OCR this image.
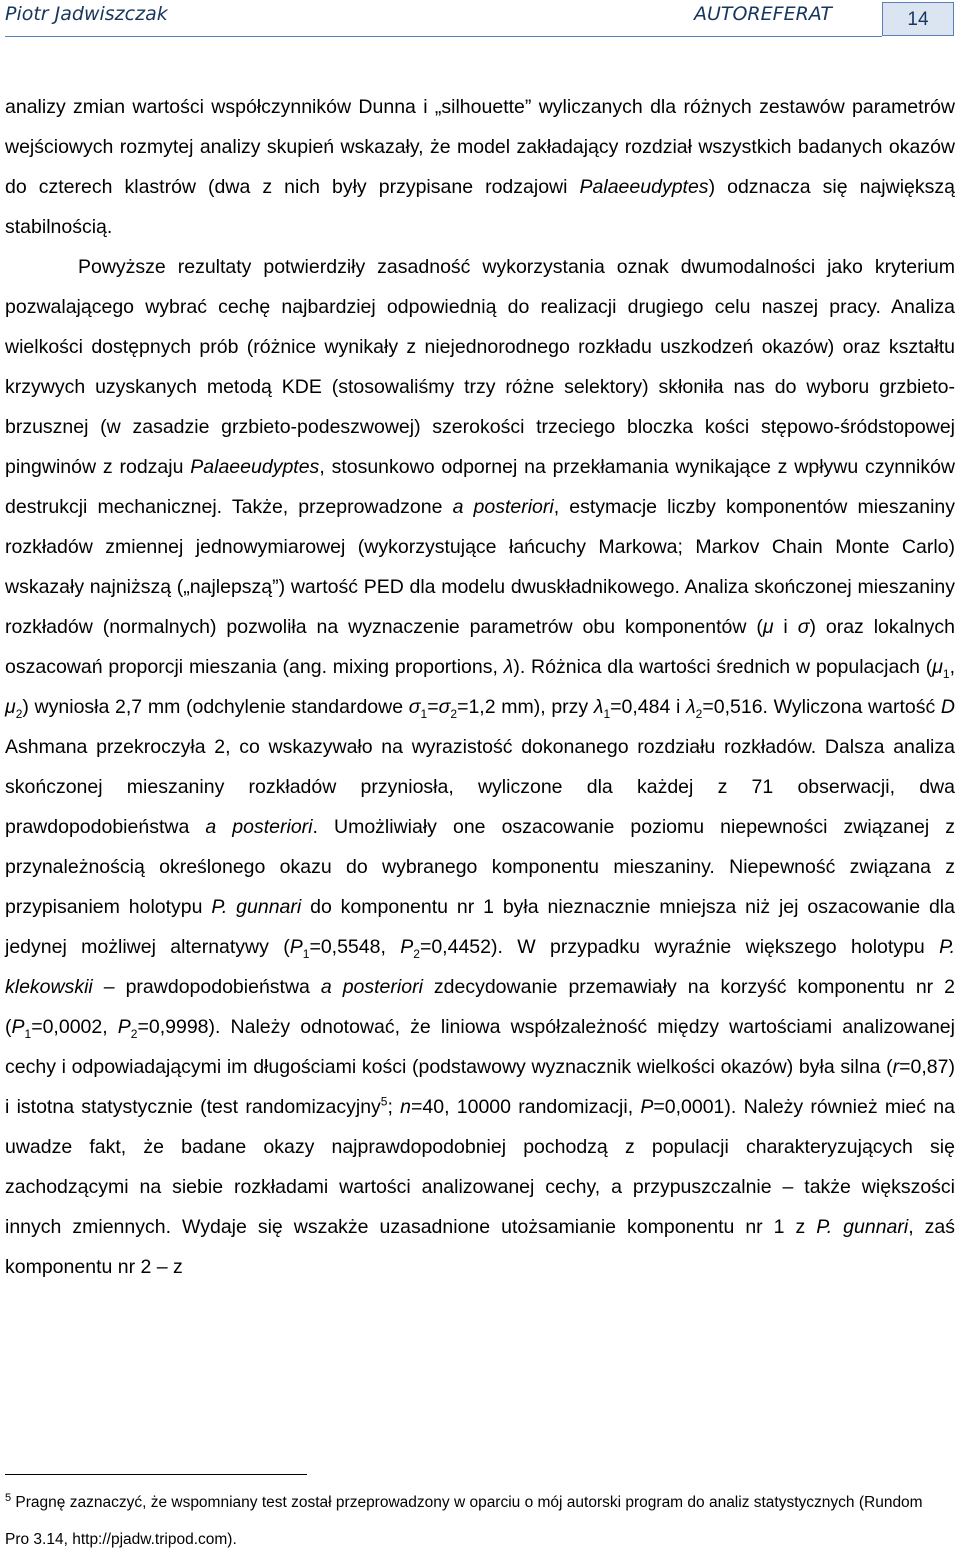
Piotr Jadwiszczak	AUTOREFERAT	14

analizy zmian wartości współczynników Dunna i „silhouette” wyliczanych dla różnych zestawów parametrów wejściowych rozmytej analizy skupień wskazały, że model zakładający rozdział wszystkich badanych okazów do czterech klastrów (dwa z nich były przypisane rodzajowi Palaeeudyptes) odznacza się największą stabilnością.

Powyższe rezultaty potwierdziły zasadność wykorzystania oznak dwumodalności jako kryterium pozwalającego wybrać cechę najbardziej odpowiednią do realizacji drugiego celu naszej pracy. Analiza wielkości dostępnych prób (różnice wynikały z niejednorodnego rozkładu uszkodzeń okazów) oraz kształtu krzywych uzyskanych metodą KDE (stosowaliśmy trzy różne selektory) skłoniła nas do wyboru grzbieto-brzusznej (w zasadzie grzbieto-podeszwowej) szerokości trzeciego bloczka kości stępowo-śródstopowej pingwinów z rodzaju Palaeeudyptes, stosunkowo odpornej na przekłamania wynikające z wpływu czynników destrukcji mechanicznej. Także, przeprowadzone a posteriori, estymacje liczby komponentów mieszaniny rozkładów zmiennej jednowymiarowej (wykorzystujące łańcuchy Markowa; Markov Chain Monte Carlo) wskazały najniższą („najlepszą”) wartość PED dla modelu dwuskładnikowego. Analiza skończonej mieszaniny rozkładów (normalnych) pozwoliła na wyznaczenie parametrów obu komponentów (μ i σ) oraz lokalnych oszacowań proporcji mieszania (ang. mixing proportions, λ). Różnica dla wartości średnich w populacjach ($\mu_1$, $\mu_2$) wyniosła 2,7 mm (odchylenie standardowe $\sigma_1=\sigma_2=1,2$ mm), przy $\lambda_1=0,484$ i $\lambda_2=0,516$. Wyliczona wartość D Ashmana przekroczyła 2, co wskazywało na wyrazistość dokonanego rozdziału rozkładów. Dalsza analiza skończonej mieszaniny rozkładów przyniosła, wyliczone dla każdej z 71 obserwacji, dwa prawdopodobieństwa a posteriori. Umożliwiały one oszacowanie poziomu niepewności związanej z przynależnością określonego okazu do wybranego komponentu mieszaniny. Niepewność związana z przypisaniem holotypu P. gunnari do komponentu nr 1 była nieznacznie mniejsza niż jej oszacowanie dla jedynej możliwej alternatywy ($P_1=0,5548$, $P_2=0,4452$). W przypadku wyraźnie większego holotypu P. klekowskii – prawdopodobieństwa a posteriori zdecydowanie przemawiały na korzyść komponentu nr 2 ($P_1=0,0002$, $P_2=0,9998$). Należy odnotować, że liniowa współzależność między wartościami analizowanej cechy i odpowiadającymi im długościami kości (podstawowy wyznacznik wielkości okazów) była silna (r=0,87) i istotna statystycznie (test randomizacyjny$^5$; n=40, 10000 randomizacji, P=0,0001). Należy również mieć na uwadze fakt, że badane okazy najprawdopodobniej pochodzą z populacji charakteryzujących się zachodzącymi na siebie rozkładami wartości analizowanej cechy, a przypuszczalnie – także większości innych zmiennych. Wydaje się wszakże uzasadnione utożsamianie komponentu nr 1 z P. gunnari, zaś komponentu nr 2 – z

$^5$ Pragnę zaznaczyć, że wspomniany test został przeprowadzony w oparciu o mój autorski program do analiz statystycznych (Rundom Pro 3.14, http://pjadw.tripod.com).
